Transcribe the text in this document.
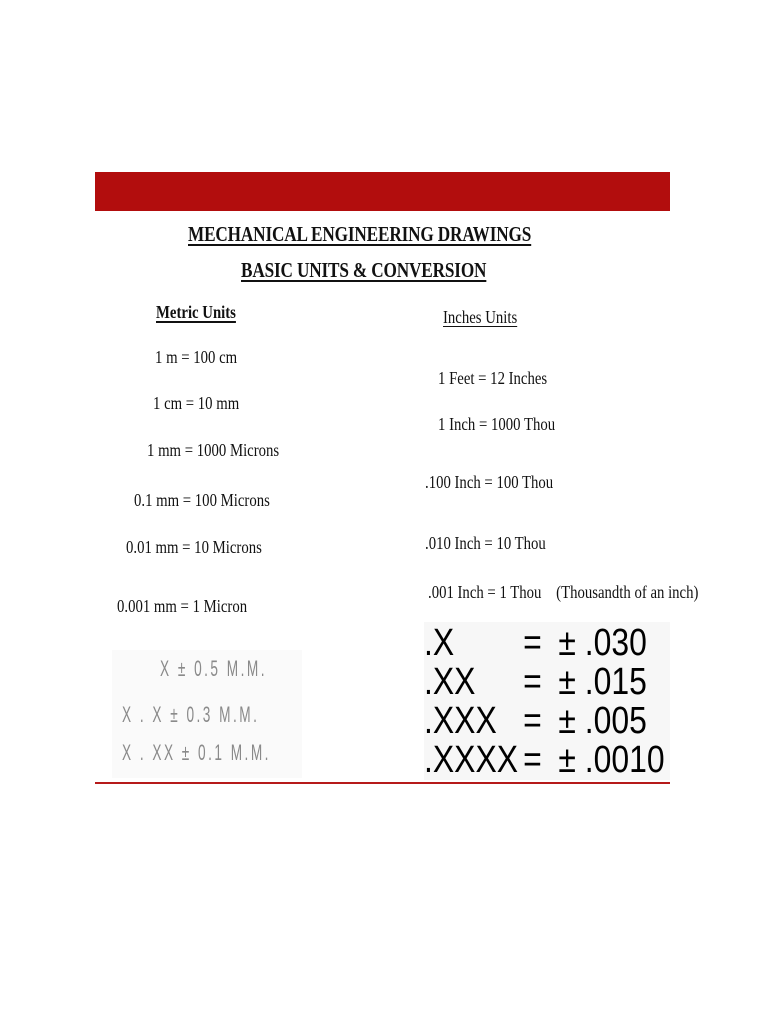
MECHANICAL ENGINEERING DRAWINGS
BASIC UNITS & CONVERSION
Metric Units	Inches Units
1 m = 100 cm
1 cm = 10 mm
1 mm = 1000 Microns
0.1 mm = 100 Microns
0.01 mm = 10 Microns
0.001 mm = 1 Micron
1 Feet = 12 Inches
1 Inch = 1000 Thou
.100 Inch = 100 Thou
.010 Inch = 10 Thou
.001 Inch = 1 Thou    (Thousandth of an inch)
X ± 0.5 M.M.
X . X ± 0.3 M.M.
X . XX ± 0.1 M.M.
.X = ± .030
.XX = ± .015
.XXX = ± .005
.XXXX = ± .0010
